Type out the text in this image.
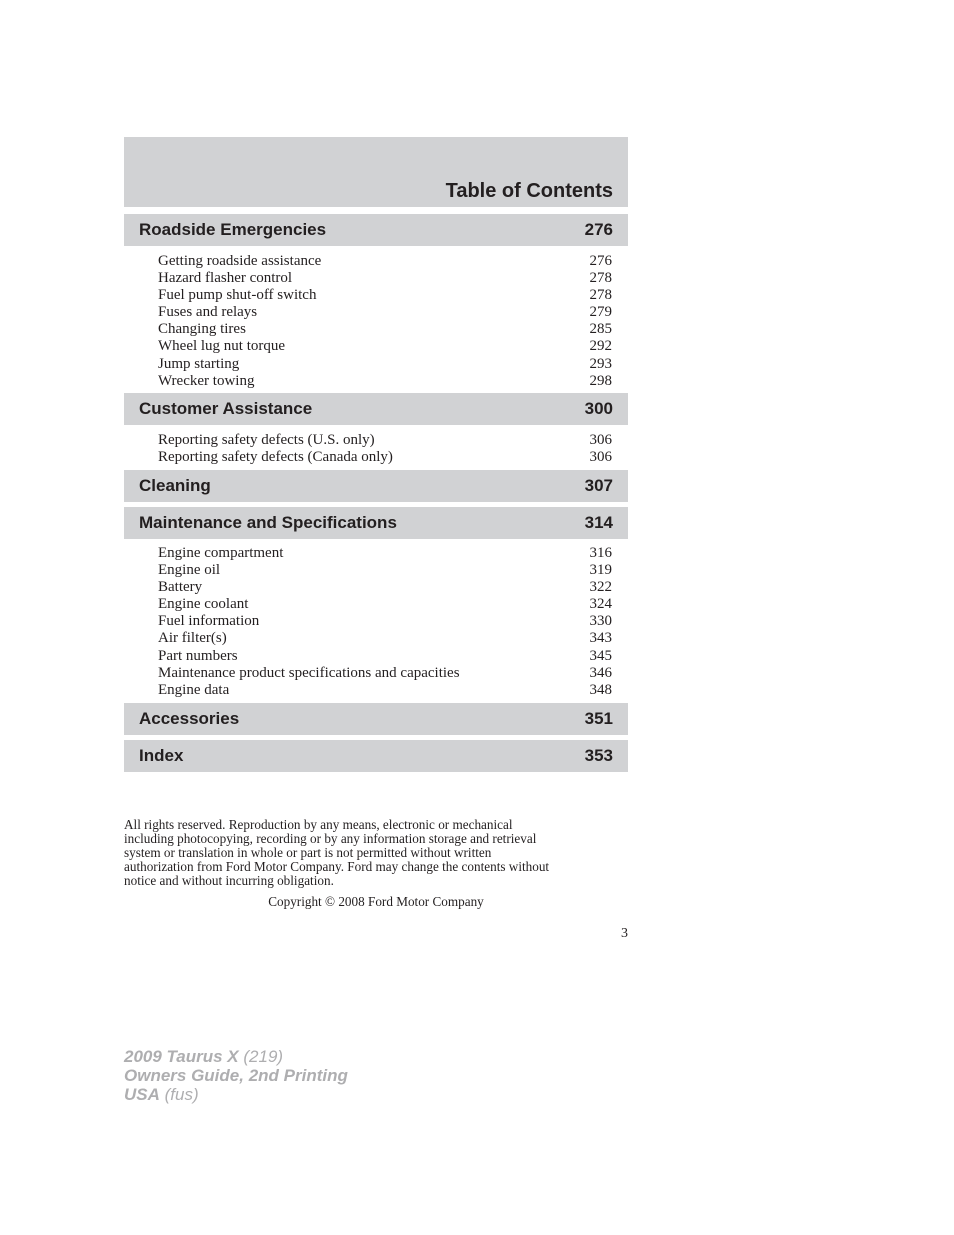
Table of Contents
Roadside Emergencies	276
Getting roadside assistance	276
Hazard flasher control	278
Fuel pump shut-off switch	278
Fuses and relays	279
Changing tires	285
Wheel lug nut torque	292
Jump starting	293
Wrecker towing	298
Customer Assistance	300
Reporting safety defects (U.S. only)	306
Reporting safety defects (Canada only)	306
Cleaning	307
Maintenance and Specifications	314
Engine compartment	316
Engine oil	319
Battery	322
Engine coolant	324
Fuel information	330
Air filter(s)	343
Part numbers	345
Maintenance product specifications and capacities	346
Engine data	348
Accessories	351
Index	353
All rights reserved. Reproduction by any means, electronic or mechanical
including photocopying, recording or by any information storage and retrieval
system or translation in whole or part is not permitted without written
authorization from Ford Motor Company. Ford may change the contents without
notice and without incurring obligation.
Copyright © 2008 Ford Motor Company
3
2009 Taurus X (219)
Owners Guide, 2nd Printing
USA (fus)
